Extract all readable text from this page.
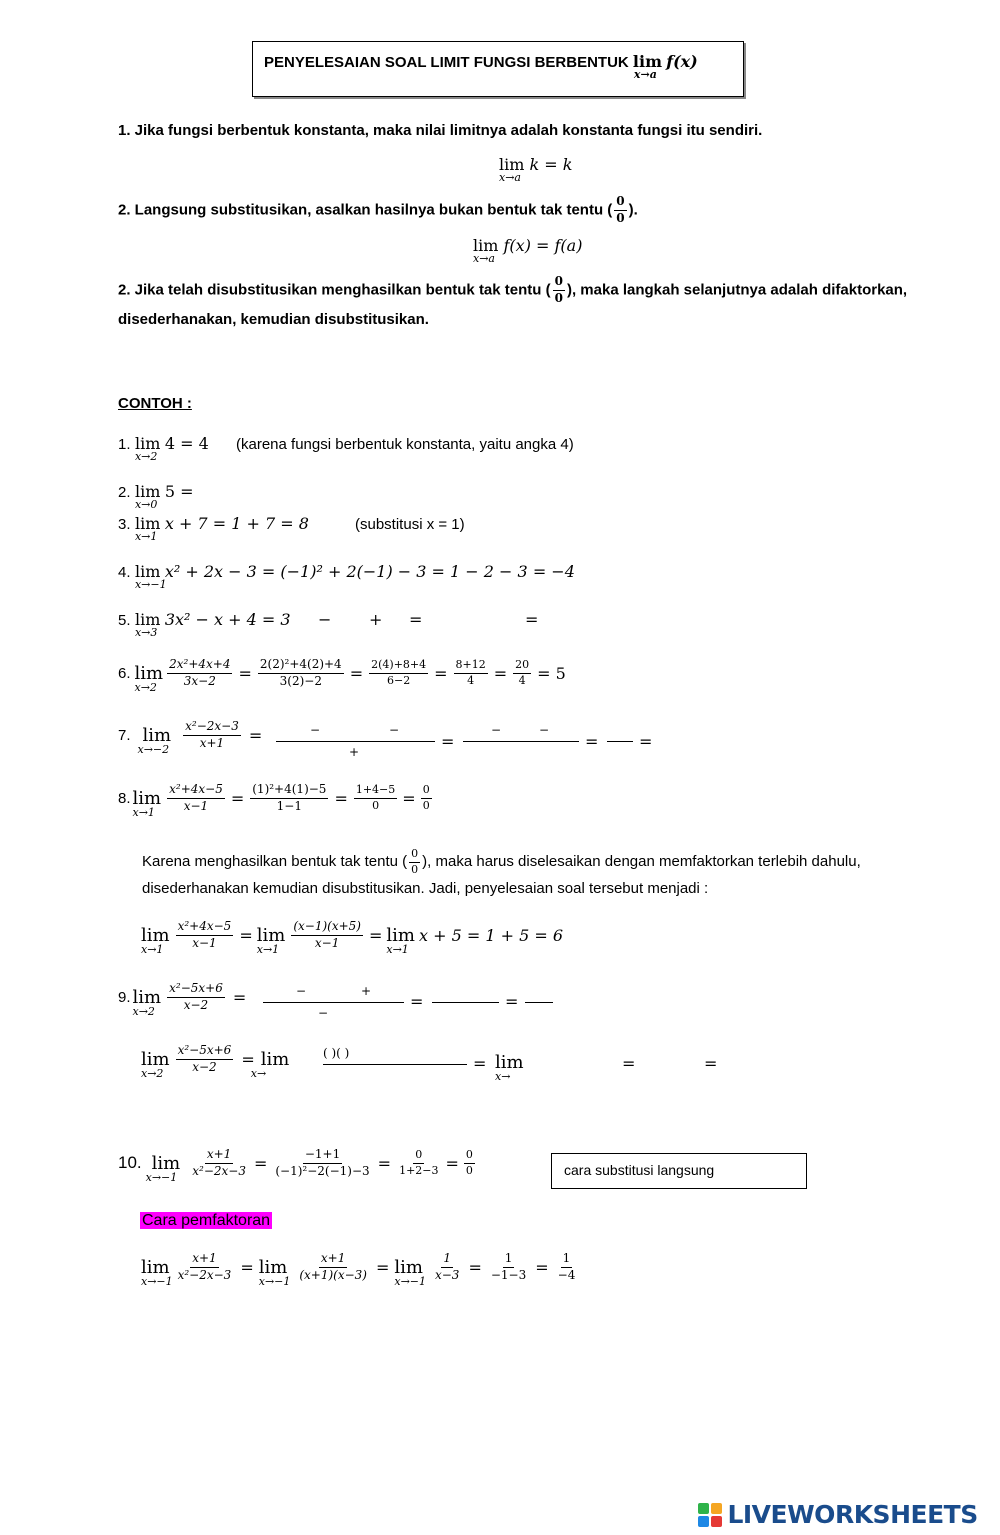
PENYELESAIAN SOAL LIMIT FUNGSI BERBENTUK lim
x→a
f(x)
1. Jika fungsi berbentuk konstanta, maka nilai limitnya adalah konstanta fungsi itu sendiri.
lim
x→a
k = k
2. Langsung substitusikan, asalkan hasilnya bukan bentuk tak tentu ( $\frac{0}{0}$ ).
lim
x→a
f(x) = f(a)
2. Jika telah disubstitusikan menghasilkan bentuk tak tentu ( $\frac{0}{0}$ ), maka langkah selanjutnya adalah difaktorkan,
disederhanakan, kemudian disubstitusikan.
CONTOH :
1. lim
x→2
4 = 4 (karena fungsi berbentuk konstanta, yaitu angka 4)
2. lim
x→0
5 =
3. lim
x→1
x + 7 = 1 + 7 = 8	(substitusi x = 1)
4. lim
x→−1
x² + 2x − 3 = (−1)² + 2(−1) − 3 = 1 − 2 − 3 = −4
5. lim
x→3
3x² − x + 4 = 3 − + =	=
6. lim
$x\to 2 \frac{\text{2x²+4x+4}}{3x-2} = \frac{\text{2(2)²+4(2)+4}}{3(2)-2} = \frac{2(4)+8+4}{6-2} = \frac{8+12}{4} = \frac{20}{4} = 5$
7. lim
$x\to-2 \frac{\text{x²−2x−3}}{x+1}$ =	−	−
+
=
−	−
=	=
8. lim
$x\to 1 \frac{\text{x²+4x−5}}{x-1} = \frac{\text{(1)²+4(1)−5}}{1-1} = \frac{1+4-5}{0} = \frac{0}{0}$
Karena menghasilkan bentuk tak tentu ( $\frac{0}{0}$ ), maka harus diselesaikan dengan memfaktorkan terlebih dahulu,
disederhanakan kemudian disubstitusikan. Jadi, penyelesaian soal tersebut menjadi :
lim
$x\to 1 \frac{\text{x²+4x−5}}{x-1} = \lim$
$x\to 1 \frac{(x-1)(x+5)}{x-1} = \lim$
x→1
x + 5 = 1 + 5 = 6
9. lim
$x\to 2 \frac{\text{x²−5x+6}}{x-2}$ =	−	+
−
=	=
lim
$x\to 2 \frac{\text{x²−5x+6}}{x-2} = \lim$
x→
( )( )
= lim
x→
=	=
10. lim
$x\to-1 \frac{x+1}{\text{x²−2x−3}} = \frac{-1+1}{\text{(−1)²−2(−1)−3}} = \frac{0}{1+2-3} = \frac{0}{0}$	cara substitusi langsung
Cara pemfaktoran
lim
$x\to-1 \frac{x+1}{\text{x²−2x−3}} = \lim$
$x\to-1 \frac{x+1}{(x+1)(x-3)} = \lim$
$x\to-1 \frac{1}{x-3} = \frac{1}{-1-3} = \frac{1}{-4}$
LIVEWORKSHEETS
